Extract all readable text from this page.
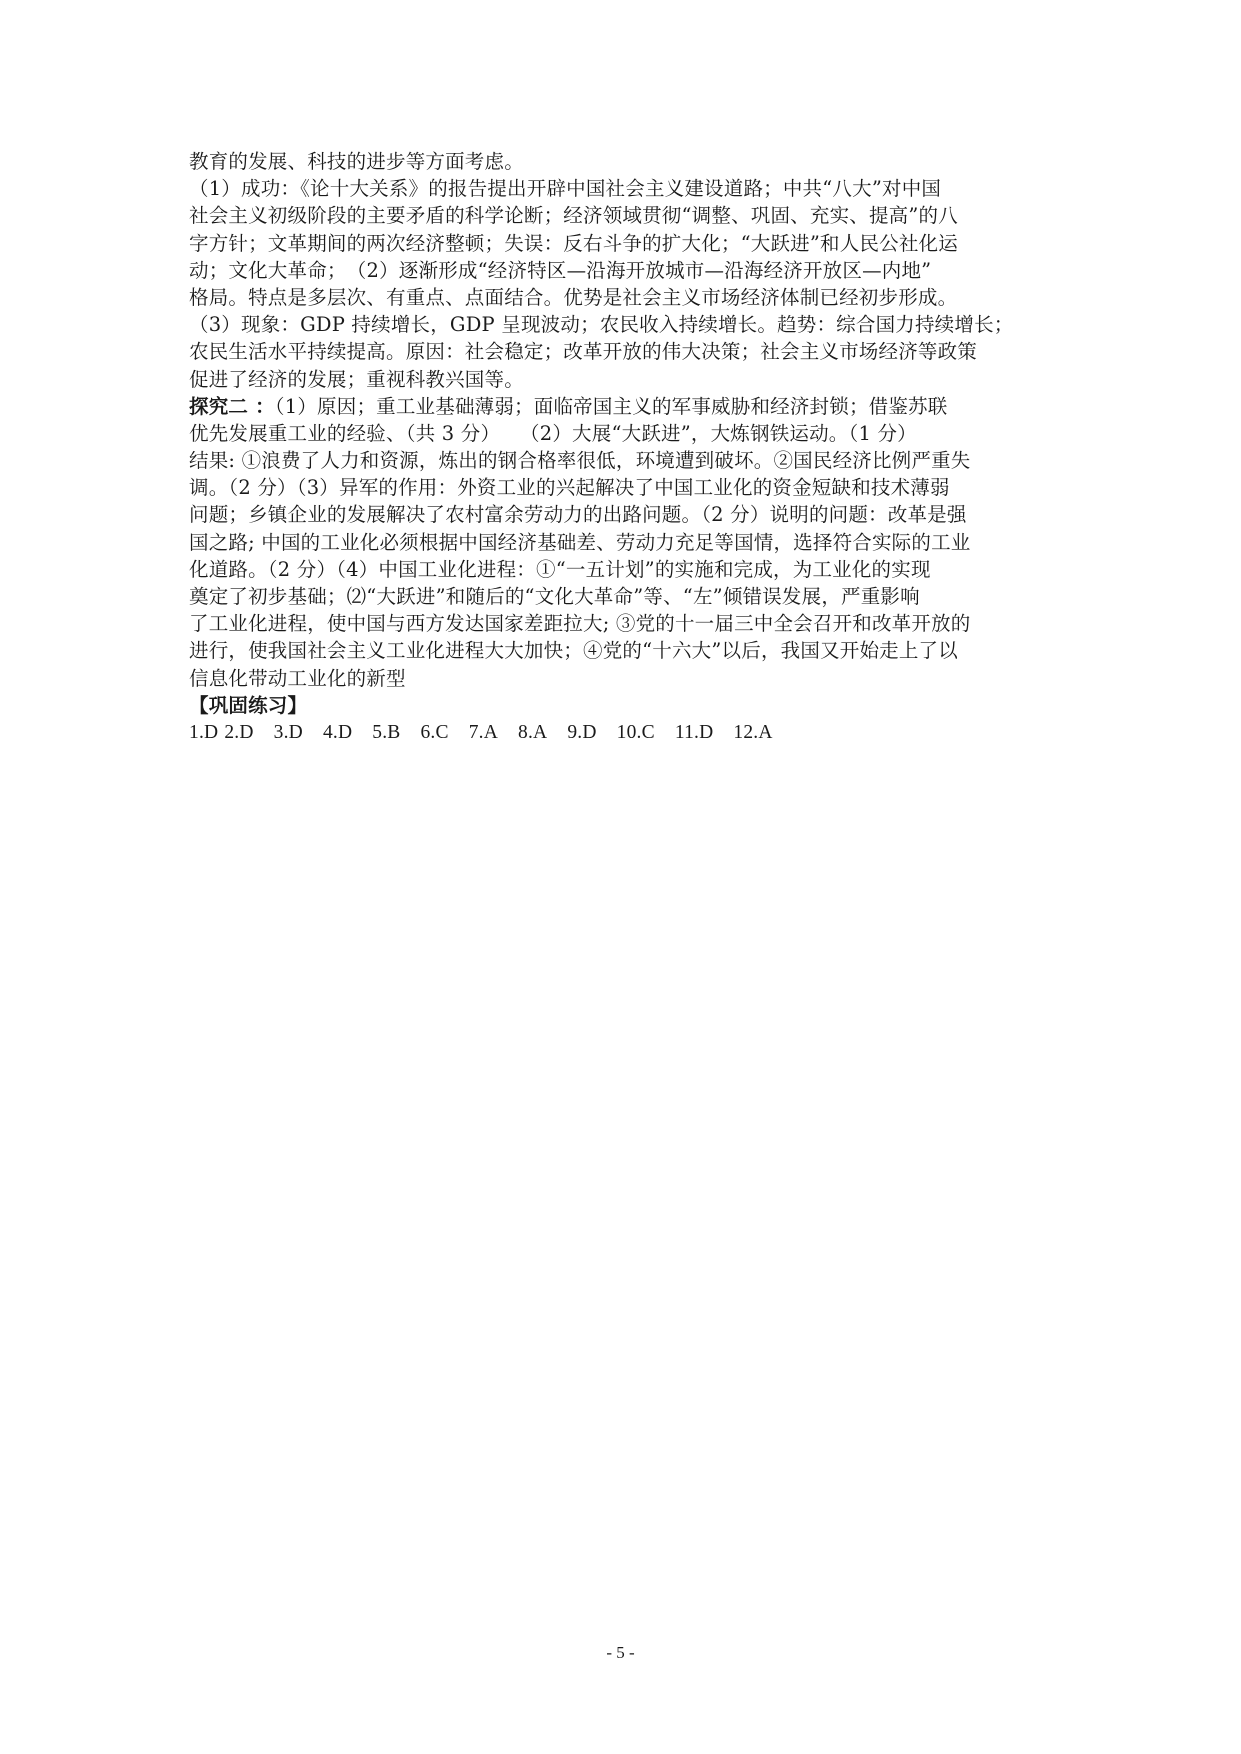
教育的发展、科技的进步等方面考虑。
（1）成功：《论十大关系》的报告提出开辟中国社会主义建设道路；中共“八大”对中国
社会主义初级阶段的主要矛盾的科学论断；经济领域贯彻“调整、巩固、充实、提高”的八
字方针；文革期间的两次经济整顿；失误：反右斗争的扩大化；“大跃进”和人民公社化运
动；文化大革命；　（2）逐渐形成“经济特区—沿海开放城市—沿海经济开放区—内地”
格局。特点是多层次、有重点、点面结合。优势是社会主义市场经济体制已经初步形成。
（3）现象：GDP 持续增长，GDP 呈现波动；农民收入持续增长。趋势：综合国力持续增长；
农民生活水平持续提高。原因：社会稳定；改革开放的伟大决策；社会主义市场经济等政策
促进了经济的发展；重视科教兴国等。
探究二 ：（1）原因；重工业基础薄弱；面临帝国主义的军事威胁和经济封锁；借鉴苏联
优先发展重工业的经验、（共 3 分）　　（2）大展“大跃进”，大炼钢铁运动。（1 分）
结果: ①浪费了人力和资源，炼出的钢合格率很低，环境遭到破坏。②国民经济比例严重失
调。（2 分）（3）异军的作用：外资工业的兴起解决了中国工业化的资金短缺和技术薄弱
问题；乡镇企业的发展解决了农村富余劳动力的出路问题。（2 分）说明的问题：改革是强
国之路; 中国的工业化必须根据中国经济基础差、劳动力充足等国情，选择符合实际的工业
化道路。（2 分）（4）中国工业化进程：①“一五计划”的实施和完成，为工业化的实现
奠定了初步基础；⑵“大跃进”和随后的“文化大革命”等、“左”倾错误发展，严重影响
了工业化进程，使中国与西方发达国家差距拉大; ③党的十一届三中全会召开和改革开放的
进行，使我国社会主义工业化进程大大加快；④党的“十六大”以后，我国又开始走上了以
信息化带动工业化的新型
【巩固练习】
1.D 2.D 3.D 4.D 5.B 6.C 7.A 8.A 9.D 10.C 11.D 12.A
- 5 -
